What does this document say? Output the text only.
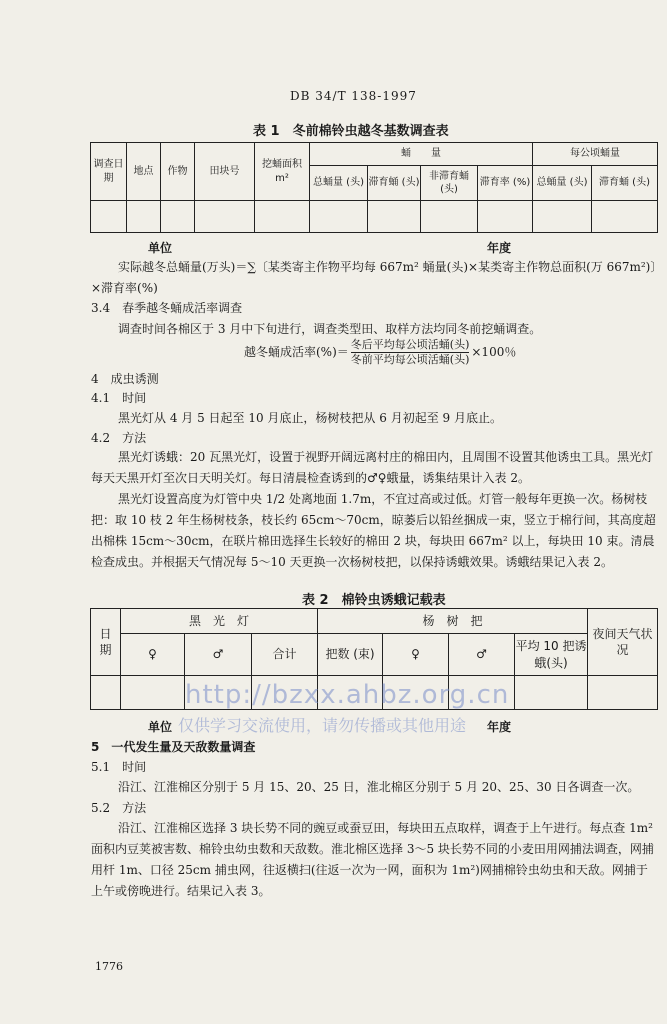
DB 34/T 138-1997
表 1　冬前棉铃虫越冬基数调查表
调查日期	地点	作物	田块号	挖蛹面积 m²	蛹　　量				每公顷蛹量	
					总蛹量 (头)	滞育蛹 (头)	非滞育蛹 (头)	滞育率 (%)	总蛹量 (头)	滞育蛹 (头)

单位	年度
实际越冬总蛹量(万头)＝∑〔某类寄主作物平均每 667m² 蛹量(头)×某类寄主作物总面积(万 667m²)〕×滞育率(%)
3.4　春季越冬蛹成活率调查
调查时间各棉区于 3 月中下旬进行，调查类型田、取样方法均同冬前挖蛹调查。
越冬蛹成活率(%)＝ $\frac{\text{冬后平均每公顷活蛹(头)}}{\text{冬前平均每公顷活蛹(头)}} \times 100$％
4　成虫诱测
4.1　时间
黑光灯从 4 月 5 日起至 10 月底止，杨树枝把从 6 月初起至 9 月底止。
4.2　方法
黑光灯诱蛾：20 瓦黑光灯，设置于视野开阔远离村庄的棉田内，且周围不设置其他诱虫工具。黑光灯每天天黑开灯至次日天明关灯。每日清晨检查诱到的♂♀蛾量，诱集结果计入表 2。
黑光灯设置高度为灯管中央 1/2 处离地面 1.7m，不宜过高或过低。灯管一般每年更换一次。杨树枝把：取 10 枝 2 年生杨树枝条，枝长约 65cm～70cm，晾萎后以铅丝捆成一束，竖立于棉行间，其高度超出棉株 15cm～30cm，在联片棉田选择生长较好的棉田 2 块，每块田 667m² 以上，每块田 10 束。清晨检查成虫。并根据天气情况每 5～10 天更换一次杨树枝把，以保持诱蛾效果。诱蛾结果记入表 2。
表 2　棉铃虫诱蛾记载表
日　期	黑　光　灯			杨　树　把				夜间天气状况
	♀	♂	合计	把数 (束)	♀	♂	平均 10 把诱蛾(头)	

http://bzxx.ahbz.org.cn
仅供学习交流使用，请勿传播或其他用途
单位	年度
5　一代发生量及天敌数量调查
5.1　时间
沿江、江淮棉区分别于 5 月 15、20、25 日，淮北棉区分别于 5 月 20、25、30 日各调查一次。
5.2　方法
沿江、江淮棉区选择 3 块长势不同的豌豆或蚕豆田，每块田五点取样，调查于上午进行。每点查 1m² 面积内豆荚被害数、棉铃虫幼虫数和天敌数。淮北棉区选择 3～5 块长势不同的小麦田用网捕法调查，网捕用杆 1m、口径 25cm 捕虫网，往返横扫(往返一次为一网，面积为 1m²)网捕棉铃虫幼虫和天敌。网捕于上午或傍晚进行。结果记入表 3。
1776
